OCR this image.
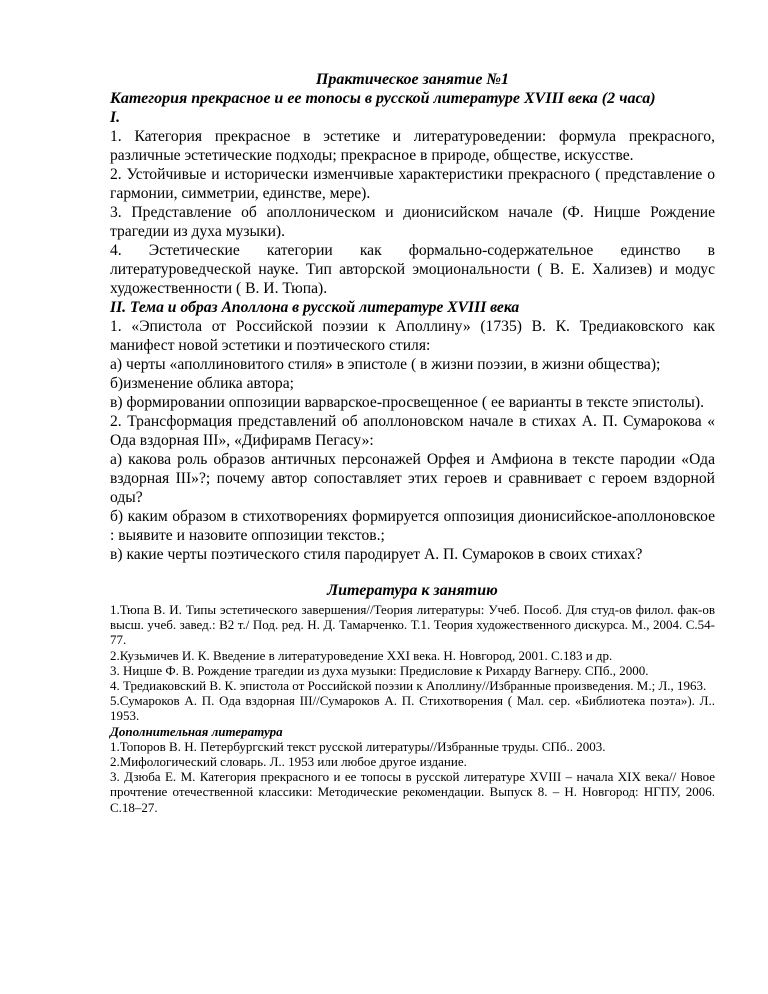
Практическое занятие №1

Категория прекрасное и ее топосы в русской литературе XVIII века (2 часа)

I.

1. Категория прекрасное в эстетике и литературоведении: формула прекрасного, различные эстетические подходы; прекрасное в природе, обществе, искусстве.

2. Устойчивые и исторически изменчивые характеристики прекрасного ( представление о гармонии, симметрии, единстве, мере).

3. Представление об аполлоническом и дионисийском начале (Ф. Ницше Рождение трагедии из духа музыки).

4. Эстетические категории как формально-содержательное единство в литературоведческой науке. Тип авторской эмоциональности ( В. Е. Хализев) и модус художественности ( В. И. Тюпа).

II. Тема и образ Аполлона в русской литературе XVIII века

1. «Эпистола от Российской поэзии к Аполлину» (1735) В. К. Тредиаковского как манифест новой эстетики и поэтического стиля:

а) черты «аполлиновитого стиля» в эпистоле ( в жизни поэзии, в жизни общества);

б)изменение облика автора;

в) формировании оппозиции варварское-просвещенное ( ее варианты в тексте эпистолы).

2. Трансформация представлений об аполлоновском начале в стихах А. П. Сумарокова « Ода вздорная III», «Дифирамв Пегасу»:

а) какова роль образов античных персонажей Орфея и Амфиона в тексте пародии «Ода вздорная III»?; почему автор сопоставляет этих героев и сравнивает с героем вздорной оды?

б) каким образом в стихотворениях формируется оппозиция дионисийское-аполлоновское : выявите и назовите оппозиции текстов.;

в) какие черты поэтического стиля пародирует А. П. Сумароков в своих стихах?

Литература к занятию

1.Тюпа В. И. Типы эстетического завершения//Теория литературы: Учеб. Пособ. Для студ-ов филол. фак-ов высш. учеб. завед.: В2 т./ Под. ред. Н. Д. Тамарченко. Т.1. Теория художественного дискурса. М., 2004. С.54-77.

2.Кузьмичев И. К. Введение в литературоведение XXI века. Н. Новгород, 2001. С.183 и др.

3. Ницше Ф. В. Рождение трагедии из духа музыки: Предисловие к Рихарду Вагнеру. СПб., 2000.

4. Тредиаковский В. К. эпистола от Российской поэзии к Аполлину//Избранные произведения. М.; Л., 1963.

5.Сумароков А. П. Ода вздорная III//Сумароков А. П. Стихотворения ( Мал. сер. «Библиотека поэта»). Л.. 1953.

Дополнительная литература

1.Топоров В. Н. Петербургский текст русской литературы//Избранные труды. СПб.. 2003.

2.Мифологический словарь. Л.. 1953 или любое другое издание.

3. Дзюба Е. М. Категория прекрасного и ее топосы в русской литературе XVIII – начала XIX века// Новое прочтение отечественной классики: Методические рекомендации. Выпуск 8. – Н. Новгород: НГПУ, 2006. С.18–27.
